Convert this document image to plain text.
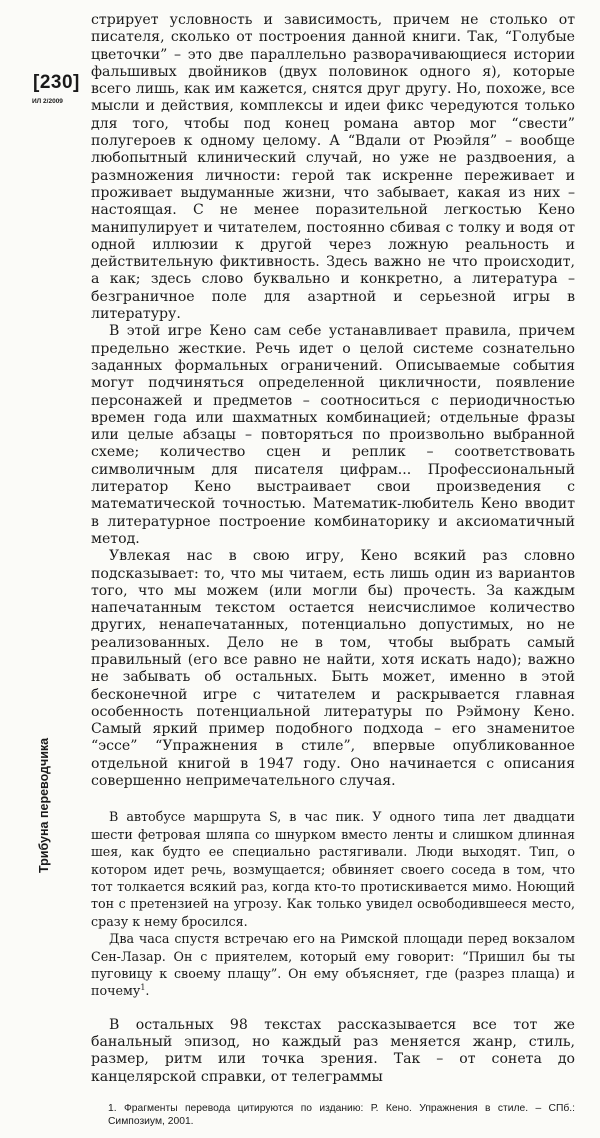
[230]
ИЛ 2/2009
Трибуна переводчика

стрирует условность и зависимость, причем не столько от писателя, сколько от построения данной книги. Так, “Голубые цветочки” – это две параллельно разворачивающиеся истории фальшивых двойников (двух половинок одного я), которые всего лишь, как им кажется, снятся друг другу. Но, похоже, все мысли и действия, комплексы и идеи фикс чередуются только для того, чтобы под конец романа автор мог “свести” полугероев к одному целому. А “Вдали от Рюэйля” – вообще любопытный клинический случай, но уже не раздвоения, а размножения личности: герой так искренне переживает и проживает выдуманные жизни, что забывает, какая из них – настоящая. С не менее поразительной легкостью Кено манипулирует и читателем, постоянно сбивая с толку и водя от одной иллюзии к другой через ложную реальность и действительную фиктивность. Здесь важно не что происходит, а как; здесь слово буквально и конкретно, а литература – безграничное поле для азартной и серьезной игры в литературу.

В этой игре Кено сам себе устанавливает правила, причем предельно жесткие. Речь идет о целой системе сознательно заданных формальных ограничений. Описываемые события могут подчиняться определенной цикличности, появление персонажей и предметов – соотноситься с периодичностью времен года или шахматных комбинацией; отдельные фразы или целые абзацы – повторяться по произвольно выбранной схеме; количество сцен и реплик – соответствовать символичным для писателя цифрам... Профессиональный литератор Кено выстраивает свои произведения с математической точностью. Математик-любитель Кено вводит в литературное построение комбинаторику и аксиоматичный метод.

Увлекая нас в свою игру, Кено всякий раз словно подсказывает: то, что мы читаем, есть лишь один из вариантов того, что мы можем (или могли бы) прочесть. За каждым напечатанным текстом остается неисчислимое количество других, ненапечатанных, потенциально допустимых, но не реализованных. Дело не в том, чтобы выбрать самый правильный (его все равно не найти, хотя искать надо); важно не забывать об остальных. Быть может, именно в этой бесконечной игре с читателем и раскрывается главная особенность потенциальной литературы по Рэймону Кено. Самый яркий пример подобного подхода – его знаменитое “эссе” “Упражнения в стиле”, впервые опубликованное отдельной книгой в 1947 году. Оно начинается с описания совершенно непримечательного случая.

В автобусе маршрута S, в час пик. У одного типа лет двадцати шести фетровая шляпа со шнурком вместо ленты и слишком длинная шея, как будто ее специально растягивали. Люди выходят. Тип, о котором идет речь, возмущается; обвиняет своего соседа в том, что тот толкается всякий раз, когда кто-то протискивается мимо. Ноющий тон с претензией на угрозу. Как только увидел освободившееся место, сразу к нему бросился.

Два часа спустя встречаю его на Римской площади перед вокзалом Сен-Лазар. Он с приятелем, который ему говорит: “Пришил бы ты пуговицу к своему плащу”. Он ему объясняет, где (разрез плаща) и почему$^1$.

В остальных 98 текстах рассказывается все тот же банальный эпизод, но каждый раз меняется жанр, стиль, размер, ритм или точка зрения. Так – от сонета до канцелярской справки, от телеграммы

1. Фрагменты перевода цитируются по изданию: Р. Кено. Упражнения в стиле. – СПб.: Симпозиум, 2001.
